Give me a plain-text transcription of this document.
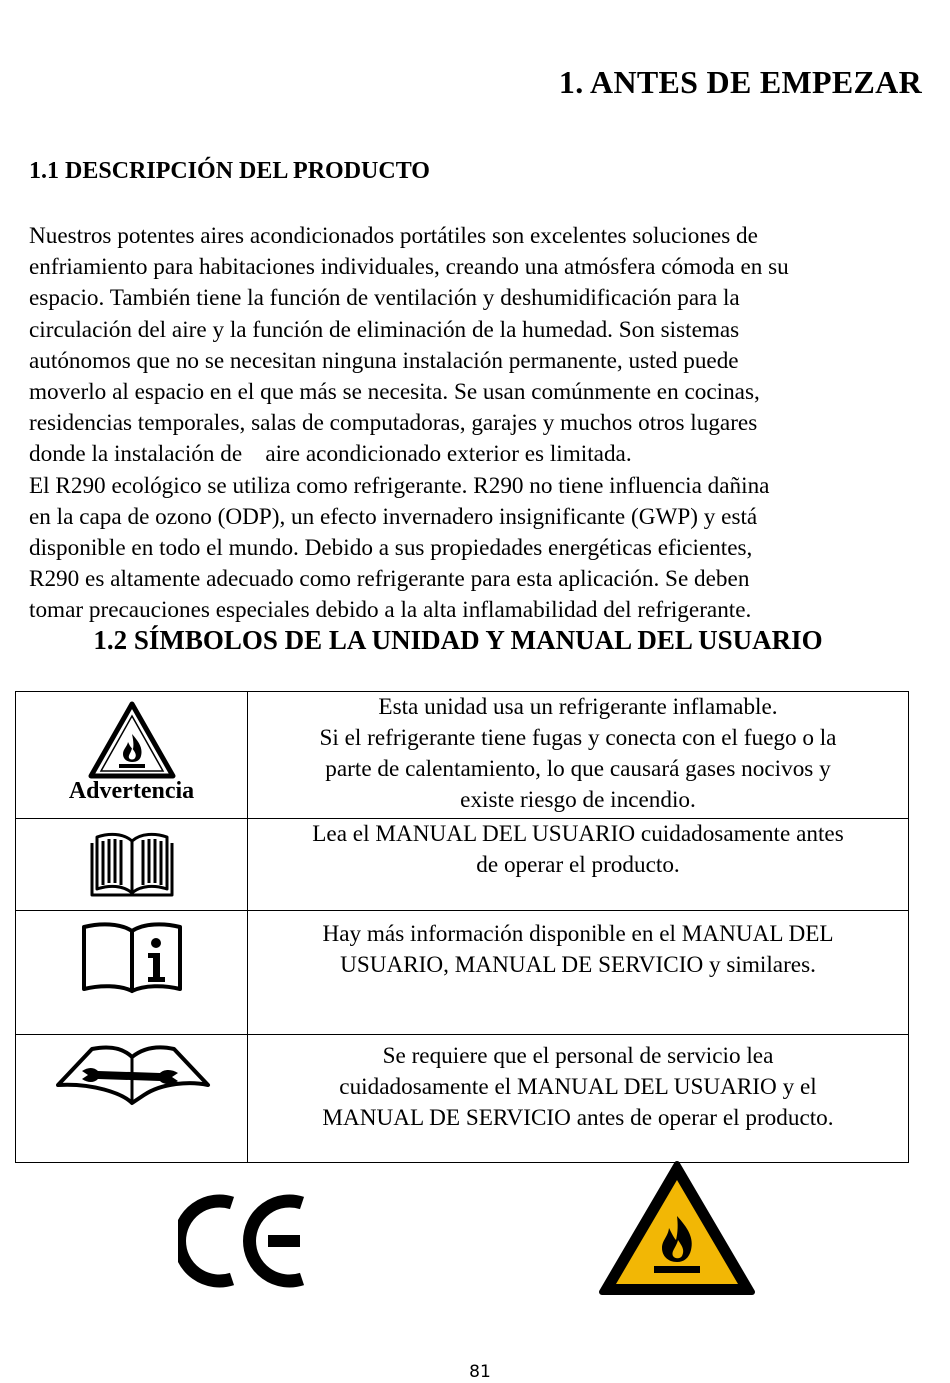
1. ANTES DE EMPEZAR
1.1 DESCRIPCIÓN DEL PRODUCTO
Nuestros potentes aires acondicionados portátiles son excelentes soluciones de
enfriamiento para habitaciones individuales, creando una atmósfera cómoda en su
espacio. También tiene la función de ventilación y deshumidificación para la
circulación del aire y la función de eliminación de la humedad. Son sistemas
autónomos que no se necesitan ninguna instalación permanente, usted puede
moverlo al espacio en el que más se necesita. Se usan comúnmente en cocinas,
residencias temporales, salas de computadoras, garajes y muchos otros lugares
donde la instalación de    aire acondicionado exterior es limitada.
El R290 ecológico se utiliza como refrigerante. R290 no tiene influencia dañina
en la capa de ozono (ODP), un efecto invernadero insignificante (GWP) y está
disponible en todo el mundo. Debido a sus propiedades energéticas eficientes,
R290 es altamente adecuado como refrigerante para esta aplicación. Se deben
tomar precauciones especiales debido a la alta inflamabilidad del refrigerante.
1.2 SÍMBOLOS DE LA UNIDAD Y MANUAL DEL USUARIO
Advertencia	Esta unidad usa un refrigerante inflamable.
Si el refrigerante tiene fugas y conecta con el fuego o la
parte de calentamiento, lo que causará gases nocivos y
existe riesgo de incendio.

Lea el MANUAL DEL USUARIO cuidadosamente antes
de operar el producto.

Hay más información disponible en el MANUAL DEL
USUARIO, MANUAL DE SERVICIO y similares.

Se requiere que el personal de servicio lea
cuidadosamente el MANUAL DEL USUARIO y el
MANUAL DE SERVICIO antes de operar el producto.
81
